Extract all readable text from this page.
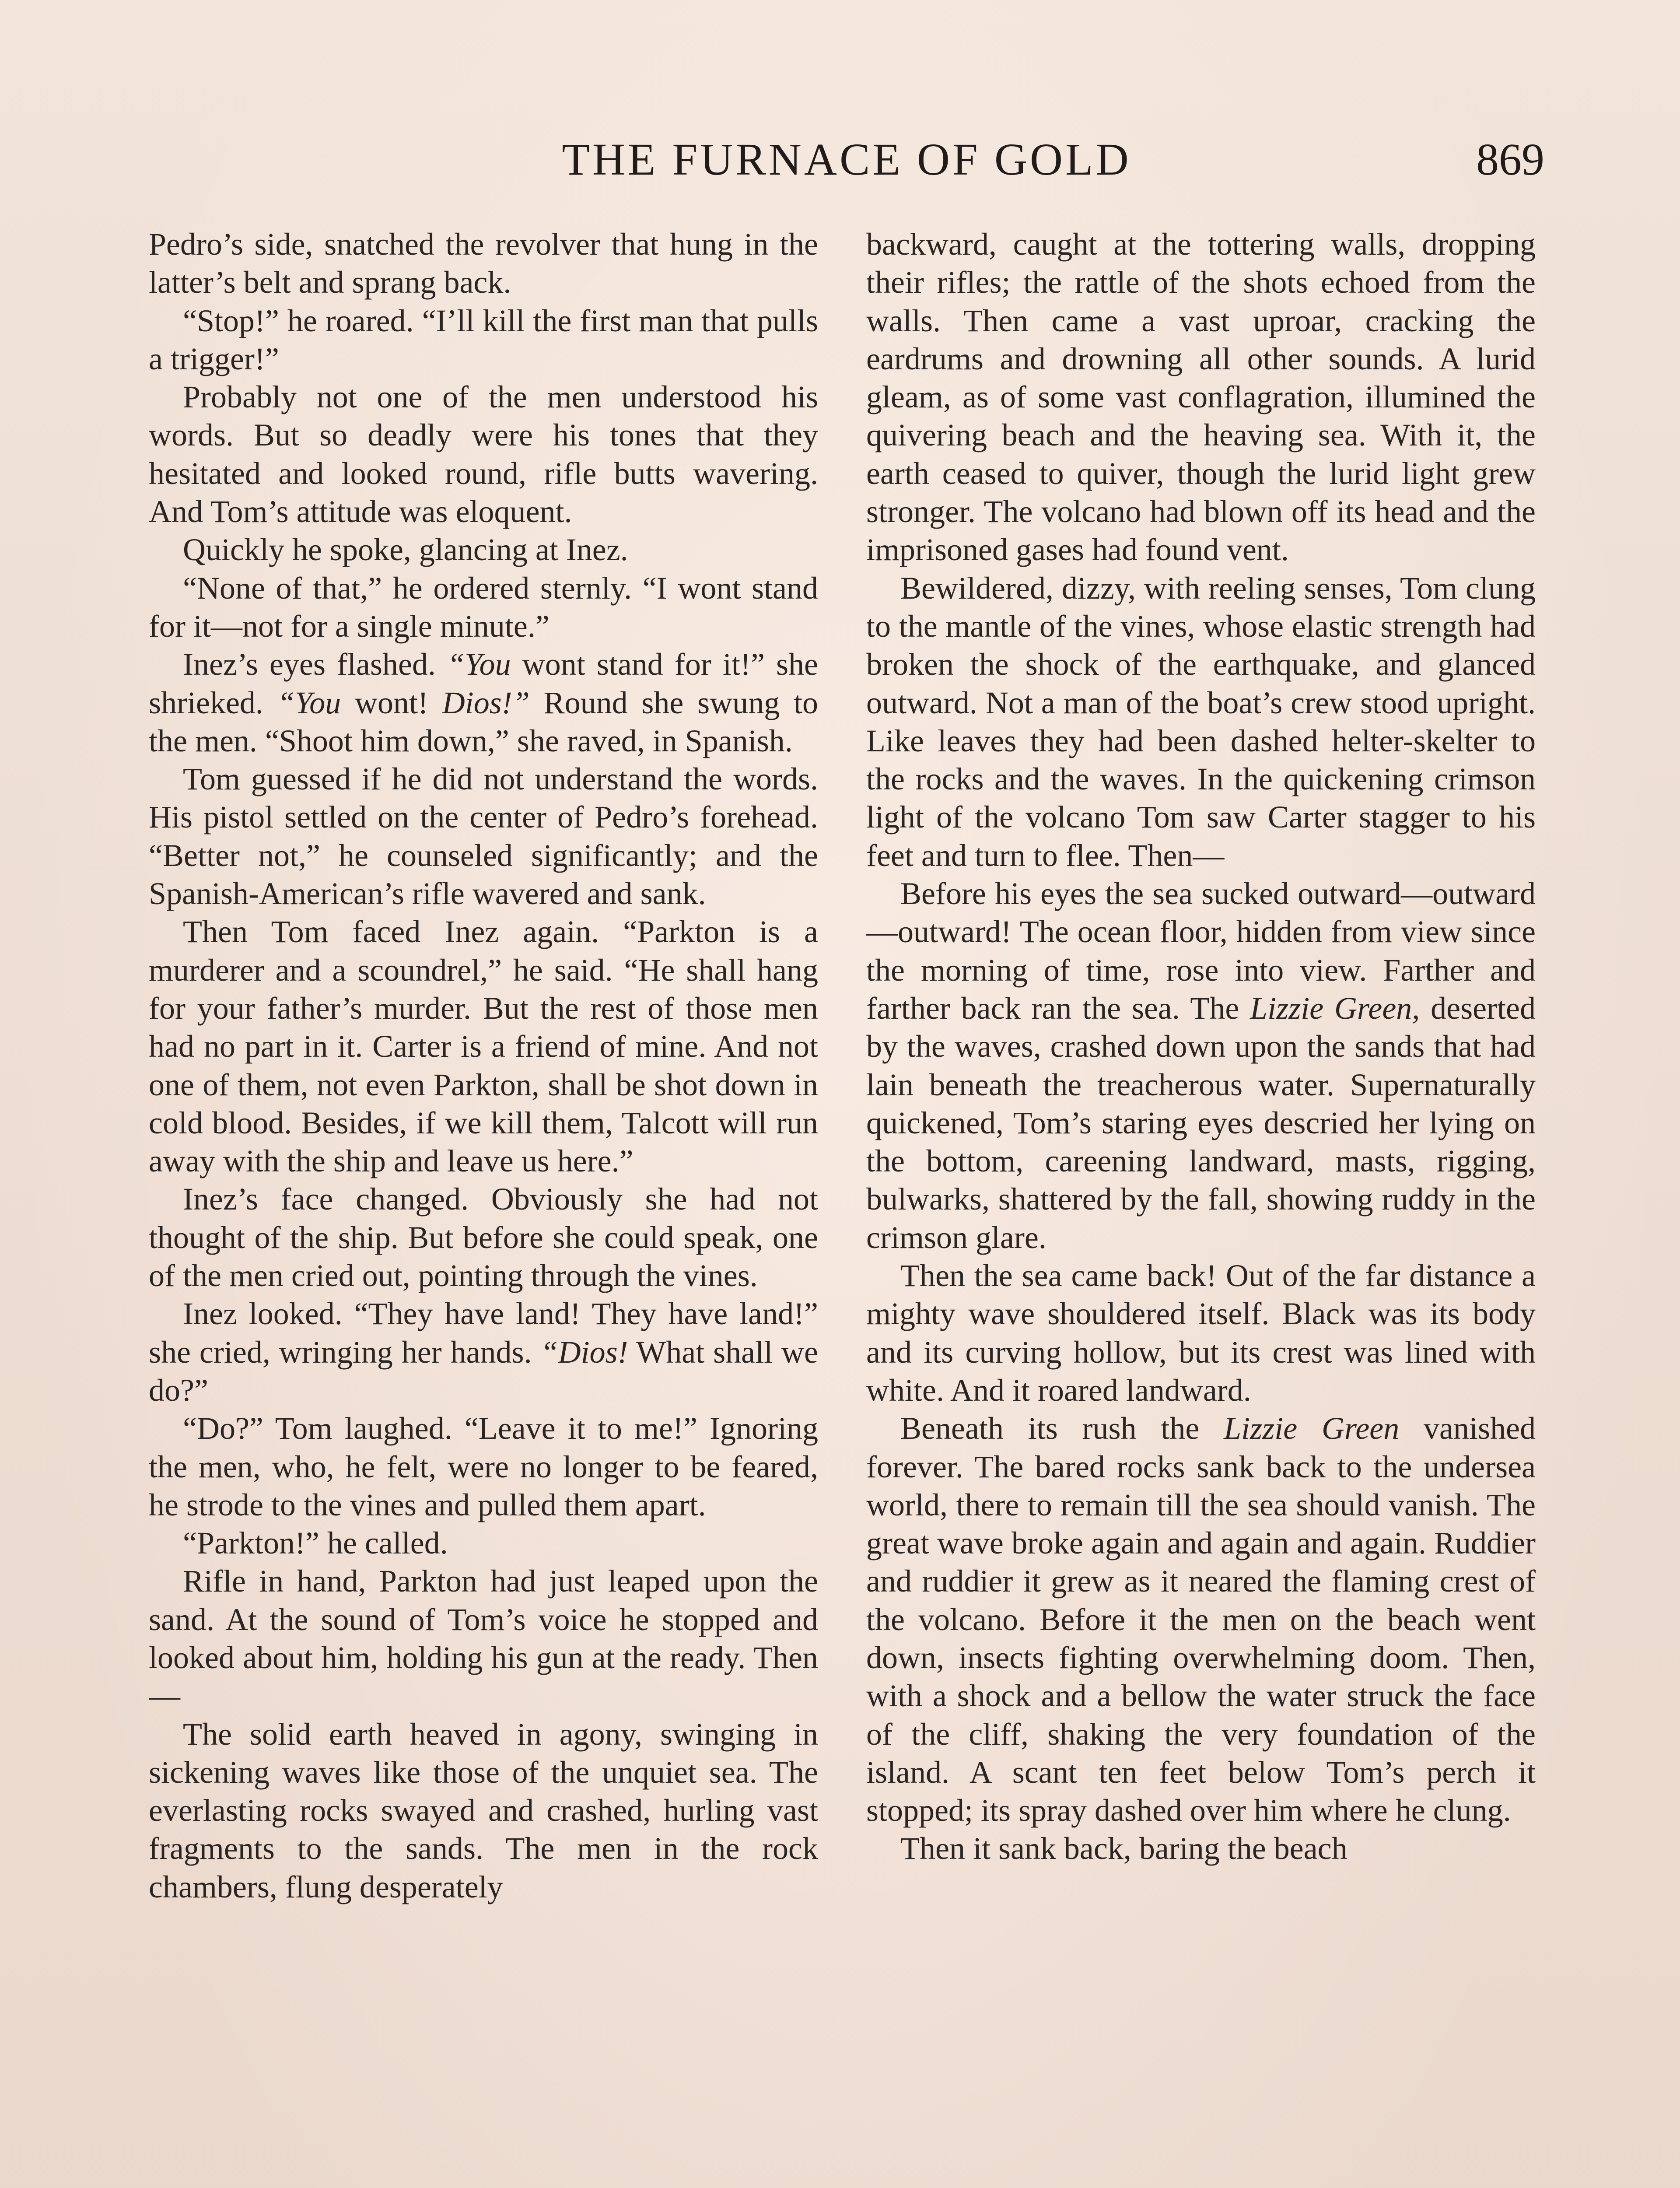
THE FURNACE OF GOLD	869

Pedro’s side, snatched the revolver that hung in the latter’s belt and sprang back.

“Stop!” he roared. “I’ll kill the first man that pulls a trigger!”

Probably not one of the men understood his words. But so deadly were his tones that they hesitated and looked round, rifle butts wavering. And Tom’s attitude was eloquent.

Quickly he spoke, glancing at Inez.

“None of that,” he ordered sternly. “I wont stand for it—not for a single minute.”

Inez’s eyes flashed. “You wont stand for it!” she shrieked. “You wont! Dios!” Round she swung to the men. “Shoot him down,” she raved, in Spanish.

Tom guessed if he did not understand the words. His pistol settled on the center of Pedro’s forehead. “Better not,” he counseled significantly; and the Spanish-American’s rifle wavered and sank.

Then Tom faced Inez again. “Parkton is a murderer and a scoundrel,” he said. “He shall hang for your father’s murder. But the rest of those men had no part in it. Carter is a friend of mine. And not one of them, not even Parkton, shall be shot down in cold blood. Besides, if we kill them, Talcott will run away with the ship and leave us here.”

Inez’s face changed. Obviously she had not thought of the ship. But before she could speak, one of the men cried out, pointing through the vines.

Inez looked. “They have land! They have land!” she cried, wringing her hands. “Dios! What shall we do?”

“Do?” Tom laughed. “Leave it to me!” Ignoring the men, who, he felt, were no longer to be feared, he strode to the vines and pulled them apart.

“Parkton!” he called.

Rifle in hand, Parkton had just leaped upon the sand. At the sound of Tom’s voice he stopped and looked about him, holding his gun at the ready. Then—

The solid earth heaved in agony, swinging in sickening waves like those of the unquiet sea. The everlasting rocks swayed and crashed, hurling vast fragments to the sands. The men in the rock chambers, flung desperately

backward, caught at the tottering walls, dropping their rifles; the rattle of the shots echoed from the walls. Then came a vast uproar, cracking the eardrums and drowning all other sounds. A lurid gleam, as of some vast conflagration, illumined the quivering beach and the heaving sea. With it, the earth ceased to quiver, though the lurid light grew stronger. The volcano had blown off its head and the imprisoned gases had found vent.

Bewildered, dizzy, with reeling senses, Tom clung to the mantle of the vines, whose elastic strength had broken the shock of the earthquake, and glanced outward. Not a man of the boat’s crew stood upright. Like leaves they had been dashed helter-skelter to the rocks and the waves. In the quickening crimson light of the volcano Tom saw Carter stagger to his feet and turn to flee. Then—

Before his eyes the sea sucked outward—outward—outward! The ocean floor, hidden from view since the morning of time, rose into view. Farther and farther back ran the sea. The Lizzie Green, deserted by the waves, crashed down upon the sands that had lain beneath the treacherous water. Supernaturally quickened, Tom’s staring eyes descried her lying on the bottom, careening landward, masts, rigging, bulwarks, shattered by the fall, showing ruddy in the crimson glare.

Then the sea came back! Out of the far distance a mighty wave shouldered itself. Black was its body and its curving hollow, but its crest was lined with white. And it roared landward.

Beneath its rush the Lizzie Green vanished forever. The bared rocks sank back to the undersea world, there to remain till the sea should vanish. The great wave broke again and again and again. Ruddier and ruddier it grew as it neared the flaming crest of the volcano. Before it the men on the beach went down, insects fighting overwhelming doom. Then, with a shock and a bellow the water struck the face of the cliff, shaking the very foundation of the island. A scant ten feet below Tom’s perch it stopped; its spray dashed over him where he clung.

Then it sank back, baring the beach
